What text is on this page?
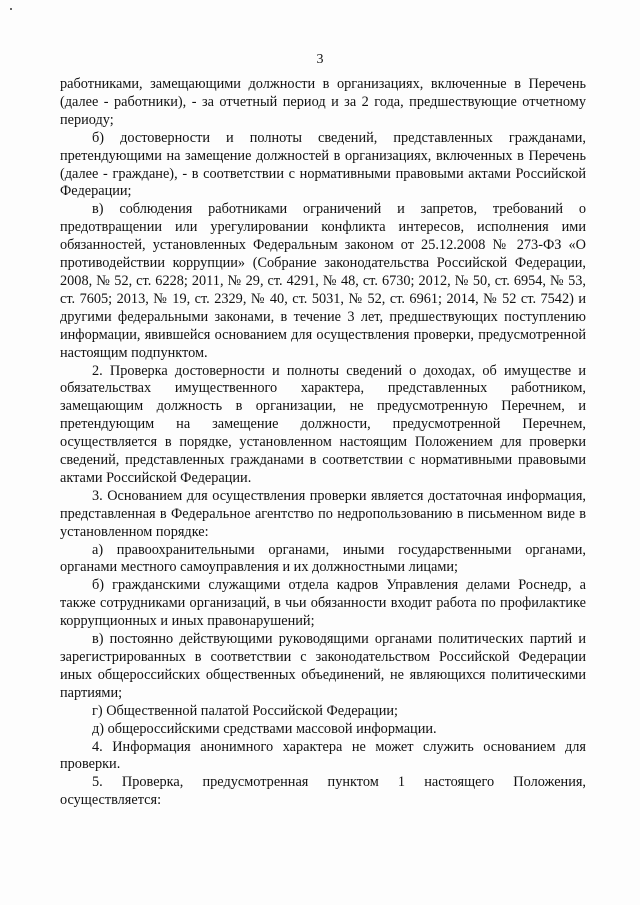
3

работниками, замещающими должности в организациях, включенные в Перечень (далее - работники), - за отчетный период и за 2 года, предшествующие отчетному периоду;

б) достоверности и полноты сведений, представленных гражданами, претендующими на замещение должностей в организациях, включенных в Перечень (далее - граждане), - в соответствии с нормативными правовыми актами Российской Федерации;

в) соблюдения работниками ограничений и запретов, требований о предотвращении или урегулировании конфликта интересов, исполнения ими обязанностей, установленных Федеральным законом от 25.12.2008 № 273-ФЗ «О противодействии коррупции» (Собрание законодательства Российской Федерации, 2008, № 52, ст. 6228; 2011, № 29, ст. 4291, № 48, ст. 6730; 2012, № 50, ст. 6954, № 53, ст. 7605; 2013, № 19, ст. 2329, № 40, ст. 5031, № 52, ст. 6961; 2014, № 52 ст. 7542) и другими федеральными законами, в течение 3 лет, предшествующих поступлению информации, явившейся основанием для осуществления проверки, предусмотренной настоящим подпунктом.

2. Проверка достоверности и полноты сведений о доходах, об имуществе и обязательствах имущественного характера, представленных работником, замещающим должность в организации, не предусмотренную Перечнем, и претендующим на замещение должности, предусмотренной Перечнем, осуществляется в порядке, установленном настоящим Положением для проверки сведений, представленных гражданами в соответствии с нормативными правовыми актами Российской Федерации.

3. Основанием для осуществления проверки является достаточная информация, представленная в Федеральное агентство по недропользованию в письменном виде в установленном порядке:

а) правоохранительными органами, иными государственными органами, органами местного самоуправления и их должностными лицами;

б) гражданскими служащими отдела кадров Управления делами Роснедр, а также сотрудниками организаций, в чьи обязанности входит работа по профилактике коррупционных и иных правонарушений;

в) постоянно действующими руководящими органами политических партий и зарегистрированных в соответствии с законодательством Российской Федерации иных общероссийских общественных объединений, не являющихся политическими партиями;

г) Общественной палатой Российской Федерации;

д) общероссийскими средствами массовой информации.

4. Информация анонимного характера не может служить основанием для проверки.

5. Проверка, предусмотренная пунктом 1 настоящего Положения, осуществляется:
